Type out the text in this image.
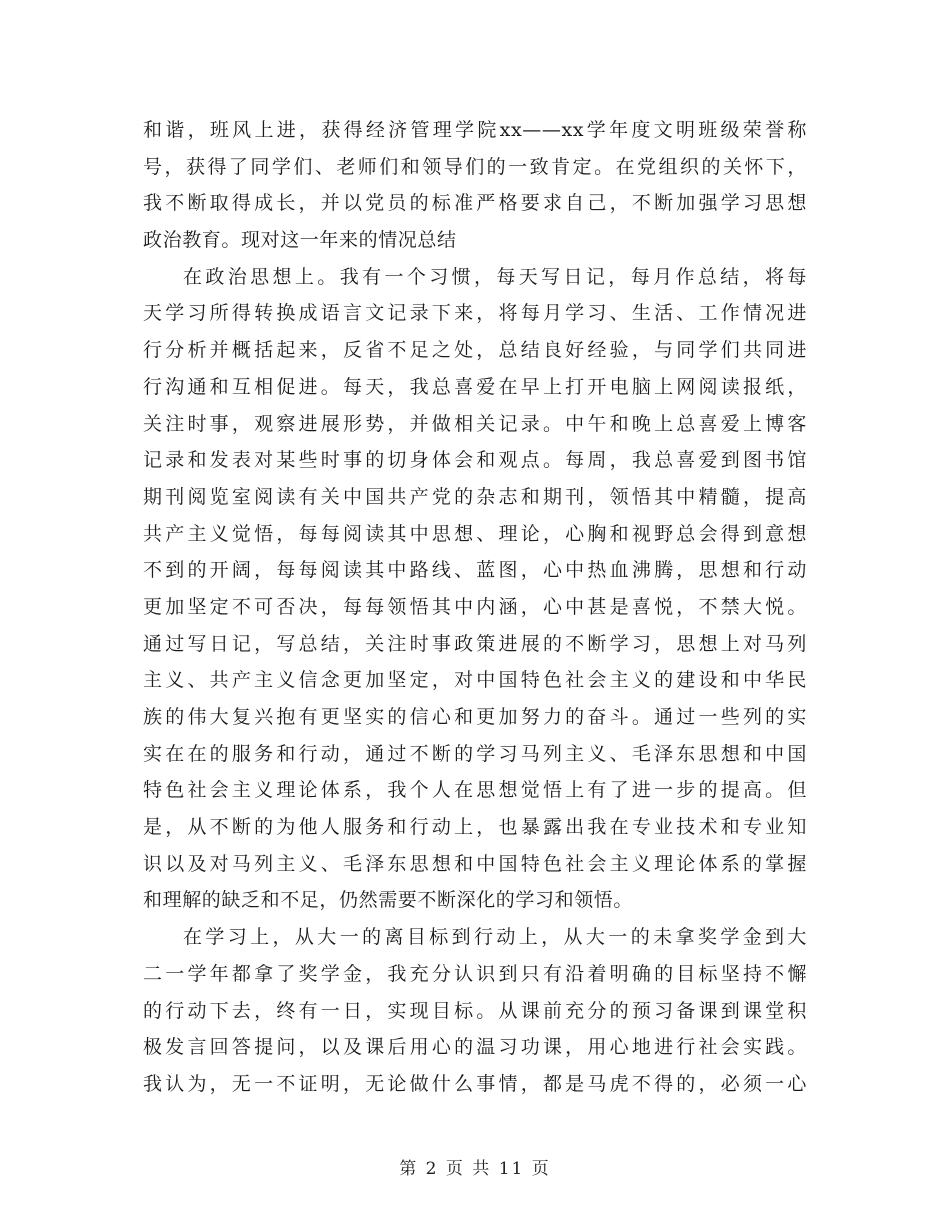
和谐，班风上进，获得经济管理学院xx——xx学年度文明班级荣誉称
号，获得了同学们、老师们和领导们的一致肯定。在党组织的关怀下，
我不断取得成长，并以党员的标准严格要求自己，不断加强学习思想
政治教育。现对这一年来的情况总结
在政治思想上。我有一个习惯，每天写日记，每月作总结，将每
天学习所得转换成语言文记录下来，将每月学习、生活、工作情况进
行分析并概括起来，反省不足之处，总结良好经验，与同学们共同进
行沟通和互相促进。每天，我总喜爱在早上打开电脑上网阅读报纸，
关注时事，观察进展形势，并做相关记录。中午和晚上总喜爱上博客
记录和发表对某些时事的切身体会和观点。每周，我总喜爱到图书馆
期刊阅览室阅读有关中国共产党的杂志和期刊，领悟其中精髓，提高
共产主义觉悟，每每阅读其中思想、理论，心胸和视野总会得到意想
不到的开阔，每每阅读其中路线、蓝图，心中热血沸腾，思想和行动
更加坚定不可否决，每每领悟其中内涵，心中甚是喜悦，不禁大悦。
通过写日记，写总结，关注时事政策进展的不断学习，思想上对马列
主义、共产主义信念更加坚定，对中国特色社会主义的建设和中华民
族的伟大复兴抱有更坚实的信心和更加努力的奋斗。通过一些列的实
实在在的服务和行动，通过不断的学习马列主义、毛泽东思想和中国
特色社会主义理论体系，我个人在思想觉悟上有了进一步的提高。但
是，从不断的为他人服务和行动上，也暴露出我在专业技术和专业知
识以及对马列主义、毛泽东思想和中国特色社会主义理论体系的掌握
和理解的缺乏和不足，仍然需要不断深化的学习和领悟。
在学习上，从大一的离目标到行动上，从大一的未拿奖学金到大
二一学年都拿了奖学金，我充分认识到只有沿着明确的目标坚持不懈
的行动下去，终有一日，实现目标。从课前充分的预习备课到课堂积
极发言回答提问，以及课后用心的温习功课，用心地进行社会实践。
我认为，无一不证明，无论做什么事情，都是马虎不得的，必须一心
第 2 页 共 11 页
